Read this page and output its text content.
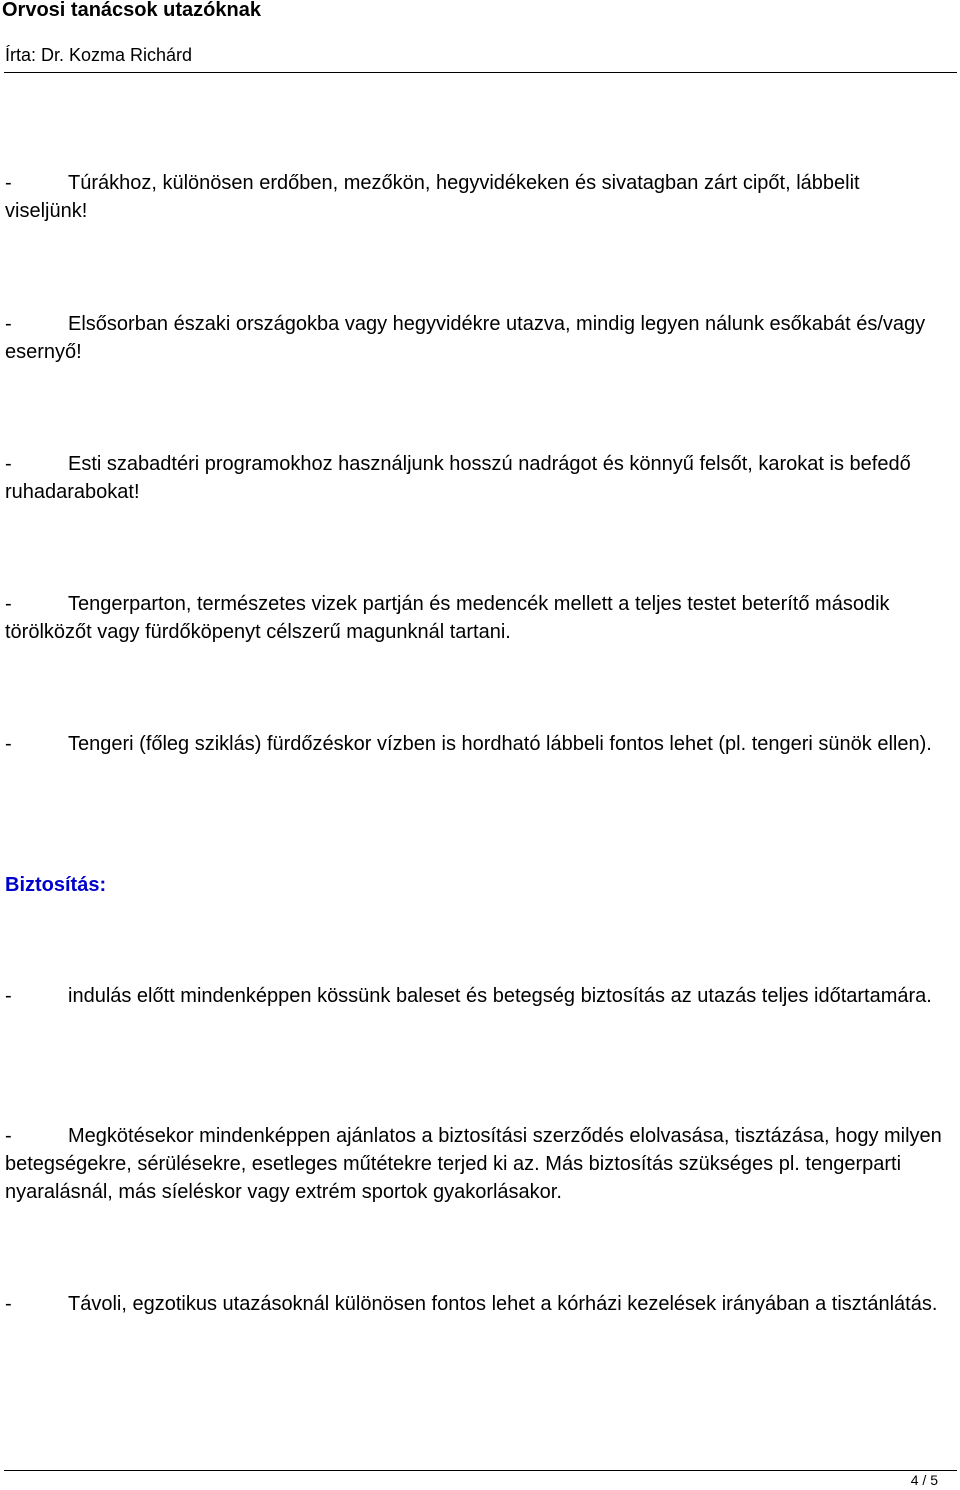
Orvosi tanácsok utazóknak
Írta: Dr. Kozma Richárd

-	Túrákhoz, különösen erdőben, mezőkön, hegyvidékeken és sivatagban zárt cipőt, lábbelit viseljünk!

-	Elsősorban északi országokba vagy hegyvidékre utazva, mindig legyen nálunk esőkabát és/vagy esernyő!

-	Esti szabadtéri programokhoz használjunk hosszú nadrágot és könnyű felsőt, karokat is befedő ruhadarabokat!

-	Tengerparton, természetes vizek partján és medencék mellett a teljes testet beterítő második törölközőt vagy fürdőköpenyt célszerű magunknál tartani.

-	Tengeri (főleg sziklás) fürdőzéskor vízben is hordható lábbeli fontos lehet (pl. tengeri sünök ellen).

Biztosítás:

-	indulás előtt mindenképpen kössünk baleset és betegség biztosítás az utazás teljes időtartamára.

-	Megkötésekor mindenképpen ajánlatos a biztosítási szerződés elolvasása, tisztázása, hogy milyen betegségekre, sérülésekre, esetleges műtétekre terjed ki az. Más biztosítás szükséges pl. tengerparti nyaralásnál, más síeléskor vagy extrém sportok gyakorlásakor.

-	Távoli, egzotikus utazásoknál különösen fontos lehet a kórházi kezelések irányában a tisztánlátás.

4 / 5
